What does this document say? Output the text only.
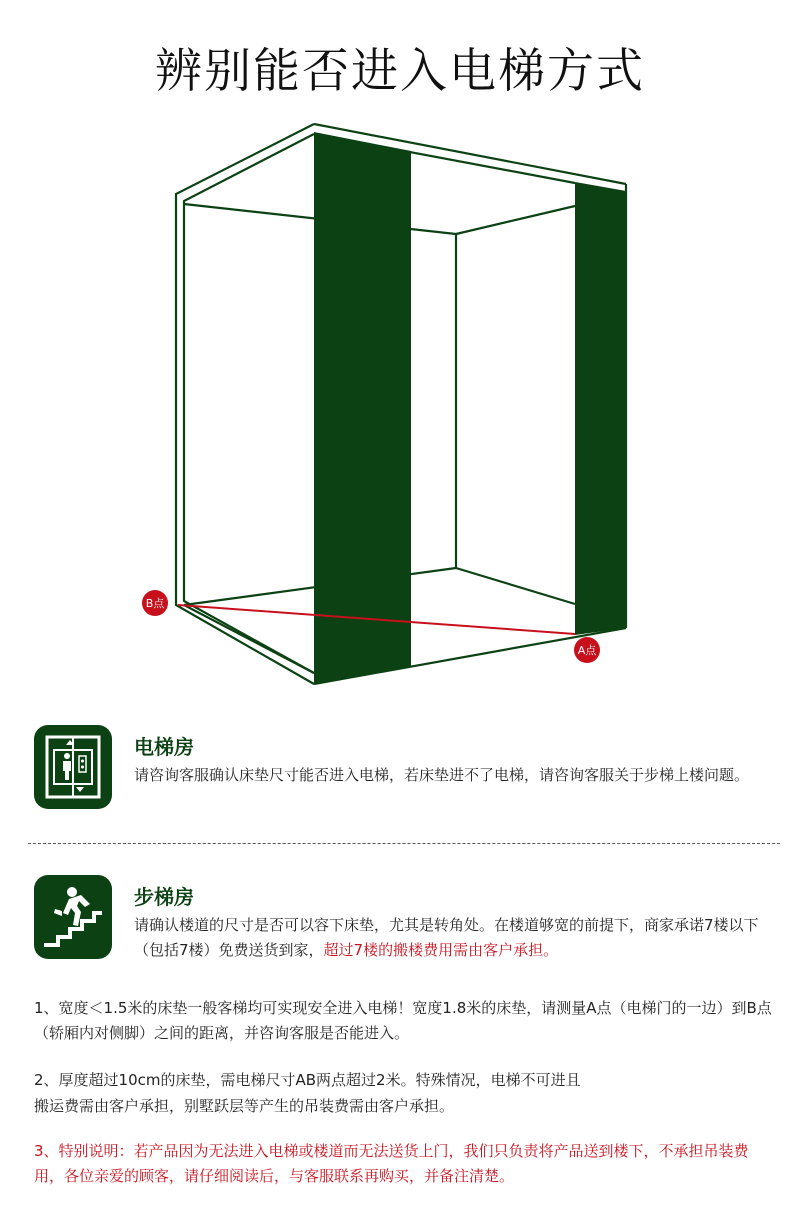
辨别能否进入电梯方式
B点
A点
电梯房
请咨询客服确认床垫尺寸能否进入电梯，若床垫进不了电梯，请咨询客服关于步梯上楼问题。
步梯房
请确认楼道的尺寸是否可以容下床垫，尤其是转角处。在楼道够宽的前提下，商家承诺7楼以下（包括7楼）免费送货到家，超过7楼的搬楼费用需由客户承担。
1、宽度＜1.5米的床垫一般客梯均可实现安全进入电梯！宽度1.8米的床垫，请测量A点（电梯门的一边）到B点（轿厢内对侧脚）之间的距离，并咨询客服是否能进入。
2、厚度超过10cm的床垫，需电梯尺寸AB两点超过2米。特殊情况，电梯不可进且
搬运费需由客户承担，别墅跃层等产生的吊装费需由客户承担。
3、特别说明：若产品因为无法进入电梯或楼道而无法送货上门，我们只负责将产品送到楼下，不承担吊装费用，各位亲爱的顾客，请仔细阅读后，与客服联系再购买，并备注清楚。
